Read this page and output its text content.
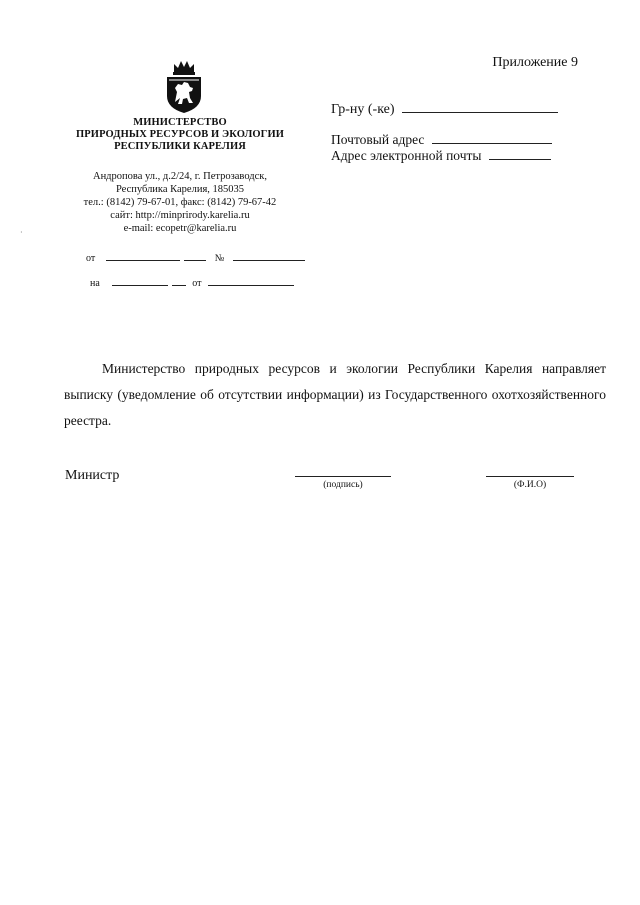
Приложение 9
МИНИСТЕРСТВО
ПРИРОДНЫХ РЕСУРСОВ И ЭКОЛОГИИ
РЕСПУБЛИКИ КАРЕЛИЯ
Андропова ул., д.2/24, г. Петрозаводск,
Республика Карелия, 185035
тел.: (8142) 79-67-01, факс: (8142) 79-67-42
сайт: http://minprirody.karelia.ru
e-mail: ecopetr@karelia.ru
от	№
на	от
Гр-ну (-ке)
Почтовый адрес
Адрес электронной почты

Министерство природных ресурсов и экологии Республики Карелия направляет выписку (уведомление об отсутствии информации) из Государственного охотхозяйственного реестра.

Министр
(подпись)	(Ф.И.О)
·
